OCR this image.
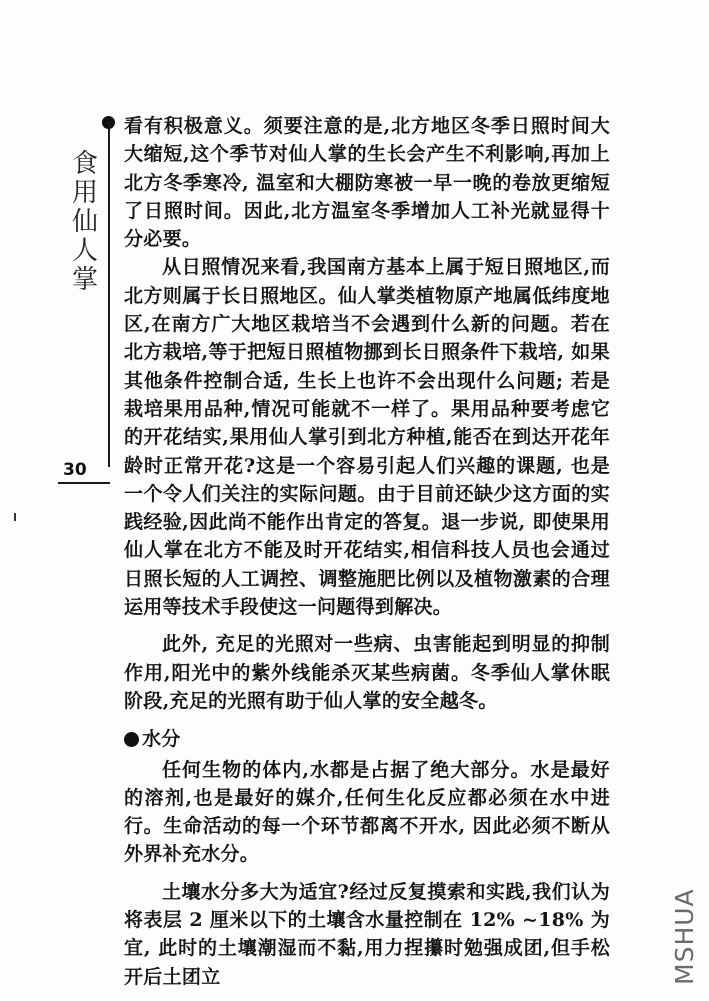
食用仙人掌
30

看有积极意义。须要注意的是,北方地区冬季日照时间大大缩短,这个季节对仙人掌的生长会产生不利影响,再加上北方冬季寒冷, 温室和大棚防寒被一早一晚的卷放更缩短了日照时间。因此,北方温室冬季增加人工补光就显得十分必要。

从日照情况来看,我国南方基本上属于短日照地区,而北方则属于长日照地区。仙人掌类植物原产地属低纬度地区,在南方广大地区栽培当不会遇到什么新的问题。若在北方栽培,等于把短日照植物挪到长日照条件下栽培, 如果其他条件控制合适, 生长上也许不会出现什么问题; 若是栽培果用品种,情况可能就不一样了。果用品种要考虑它的开花结实,果用仙人掌引到北方种植,能否在到达开花年龄时正常开花?这是一个容易引起人们兴趣的课题, 也是一个令人们关注的实际问题。由于目前还缺少这方面的实践经验,因此尚不能作出肯定的答复。退一步说, 即使果用仙人掌在北方不能及时开花结实,相信科技人员也会通过日照长短的人工调控、调整施肥比例以及植物激素的合理运用等技术手段使这一问题得到解决。

此外, 充足的光照对一些病、虫害能起到明显的抑制作用,阳光中的紫外线能杀灭某些病菌。冬季仙人掌休眠阶段,充足的光照有助于仙人掌的安全越冬。

水分

任何生物的体内,水都是占据了绝大部分。水是最好的溶剂,也是最好的媒介,任何生化反应都必须在水中进行。生命活动的每一个环节都离不开水, 因此必须不断从外界补充水分。

土壤水分多大为适宜?经过反复摸索和实践,我们认为将表层 2 厘米以下的土壤含水量控制在 12% ~18% 为宜, 此时的土壤潮湿而不黏,用力捏攥时勉强成团,但手松开后土团立	MSHUA
